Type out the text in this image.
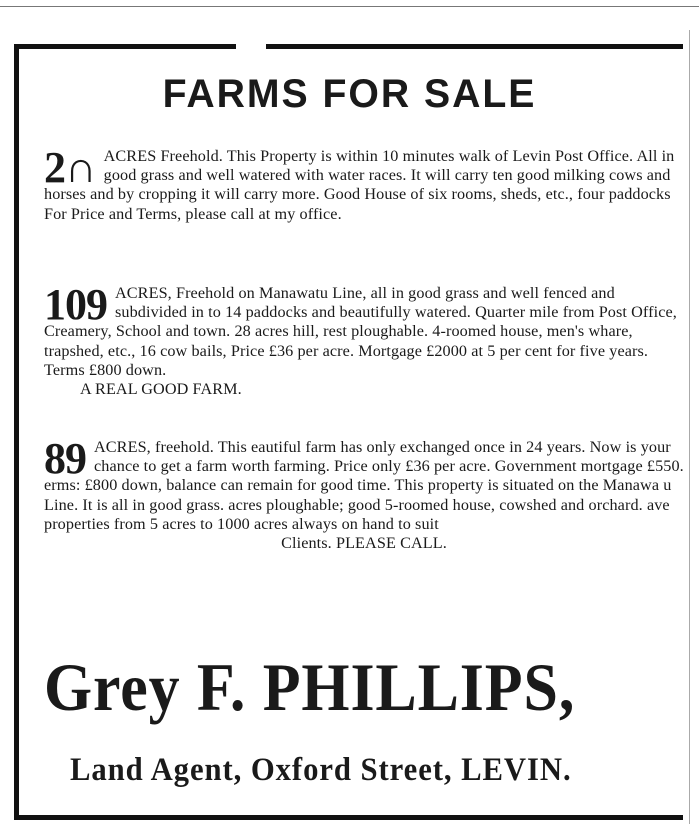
FARMS FOR SALE
2∩ ACRES Freehold. This Property is within 10 minutes walk of Levin Post Office. All in good grass and well watered with water races. It will carry ten good milking cows and horses and by cropping it will carry more. Good House of six rooms, sheds, etc., four paddocks

For Price and Terms, please call at my office.
109 ACRES, Freehold on Manawatu Line, all in good grass and well fenced and subdivided in to 14 paddocks and beautifully watered. Quarter mile from Post Office, Creamery, School and town. 28 acres hill, rest ploughable. 4-roomed house, men's whare, trapshed, etc., 16 cow bails, Price £36 per acre. Mortgage £2000 at 5 per cent for five years. Terms £800 down.

A REAL GOOD FARM.
89 ACRES, freehold. This eautiful farm has only exchanged once in 24 years. Now is your chance to get a farm worth farming. Price only £36 per acre. Government mortgage £550. erms: £800 down, balance can remain for good time. This property is situated on the Manawa u Line. It is all in good grass. acres ploughable; good 5-roomed house, cowshed and orchard. ave properties from 5 acres to 1000 acres always on hand to suit

Clients. PLEASE CALL.
Grey F. PHILLIPS,
Land Agent, Oxford Street, LEVIN.
